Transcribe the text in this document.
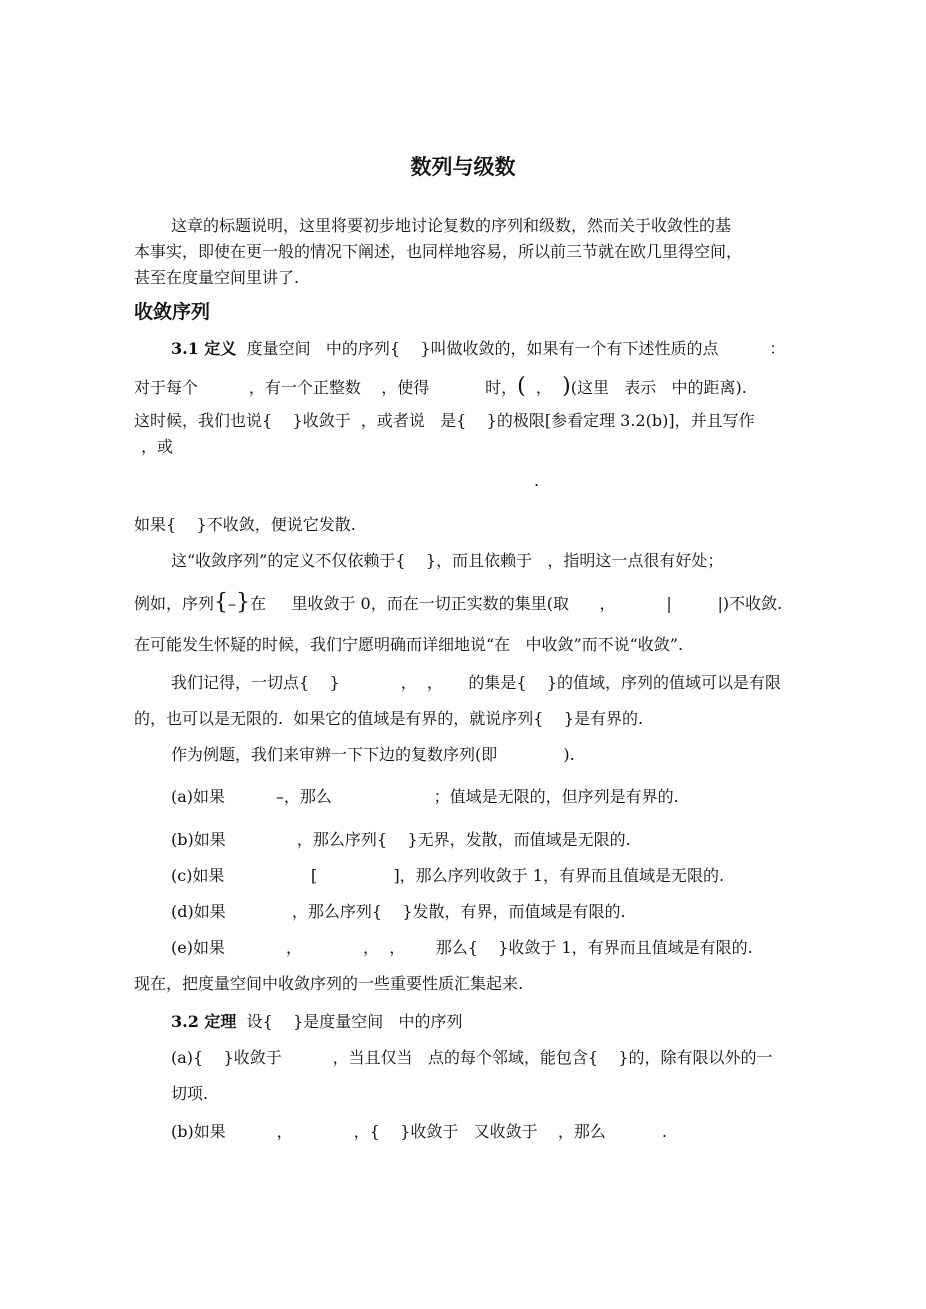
数列与级数
这章的标题说明，这里将要初步地讨论复数的序列和级数，然而关于收敛性的基
本事实，即使在更一般的情况下阐述，也同样地容易，所以前三节就在欧几里得空间，
甚至在度量空间里讲了.
收敛序列
3.1 定义  度量空间   中的序列{    }叫做收敛的，如果有一个有下述性质的点          ：
对于每个          ，有一个正整数    ，使得           时，(  ，  )(这里   表示   中的距离).
这时候，我们也说{    }收敛于  ，或者说   是{    }的极限[参看定理 3.2(b)]，并且写作
，或
.
如果{    }不收敛，便说它发散.
这“收敛序列”的定义不仅依赖于{    }，而且依赖于   ，指明这一点很有好处；
例如，序列{–}在     里收敛于 0，而在一切正实数的集里(取      ，          |         |)不收敛.
在可能发生怀疑的时候，我们宁愿明确而详细地说“在   中收敛”而不说“收敛”.
我们记得，一切点{    }            ，  ，     的集是{    }的值域，序列的值域可以是有限
的，也可以是无限的.  如果它的值域是有界的，就说序列{    }是有界的.
作为例题，我们来审辨一下下边的复数序列(即             ).
(a)如果          –，那么                    ；值域是无限的，但序列是有界的.
(b)如果              ，那么序列{    }无界，发散，而值域是无限的.
(c)如果                 [               ]，那么序列收敛于 1，有界而且值域是无限的.
(d)如果             ，那么序列{    }发散，有界，而值域是有限的.
(e)如果            ，            ，  ，      那么{    }收敛于 1，有界而且值域是有限的.
现在，把度量空间中收敛序列的一些重要性质汇集起来.
3.2 定理  设{    }是度量空间   中的序列
(a){    }收敛于          ，当且仅当   点的每个邻域，能包含{    }的，除有限以外的一
切项.
(b)如果          ，            ，{    }收敛于   又收敛于    ，那么           .
